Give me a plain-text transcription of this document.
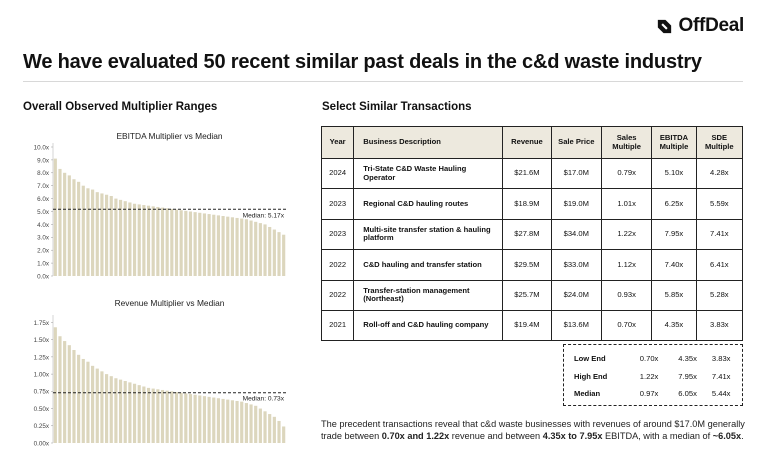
OffDeal
We have evaluated 50 recent similar past deals in the c&d waste industry
Overall Observed Multiplier Ranges	Select Similar Transactions
EBITDA Multiplier vs Median
0.0x
1.0x
2.0x
3.0x
4.0x
5.0x
6.0x
7.0x
8.0x
9.0x
10.0x
Median: 5.17x
Revenue Multiplier vs Median
0.00x
0.25x
0.50x
0.75x
1.00x
1.25x
1.50x
1.75x
Median: 0.73x
Year	Business Description	Revenue	Sale Price	Sales Multiple	EBITDA Multiple	SDE Multiple
2024	Tri-State C&D Waste Hauling Operator	$21.6M	$17.0M	0.79x	5.10x	4.28x
2023	Regional C&D hauling routes	$18.9M	$19.0M	1.01x	6.25x	5.59x
2023	Multi-site transfer station & hauling platform	$27.8M	$34.0M	1.22x	7.95x	7.41x
2022	C&D hauling and transfer station	$29.5M	$33.0M	1.12x	7.40x	6.41x
2022	Transfer-station management (Northeast)	$25.7M	$24.0M	0.93x	5.85x	5.28x
2021	Roll-off and C&D hauling company	$19.4M	$13.6M	0.70x	4.35x	3.83x
Low End	0.70x	4.35x	3.83x
High End	1.22x	7.95x	7.41x
Median	0.97x	6.05x	5.44x
The precedent transactions reveal that c&d waste businesses with revenues of around $17.0M generally trade between 0.70x and 1.22x revenue and between 4.35x to 7.95x EBITDA, with a median of ~6.05x.
